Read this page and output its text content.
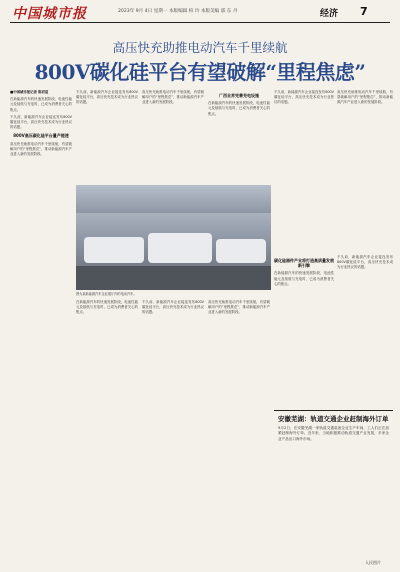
中国城市报	2023年 9月 4日 星期一 本版编辑 柏 玲 本版美编 邵 东 丹	经济 7
高压快充助推电动汽车千里续航
800V碳化硅平台有望破解“里程焦虑”
■中国城市报记者 陈君谊

在新能源汽车的快速发展阶段，电池性能元及续航与充电时，已成为消费者关心的焦点。

不久前，新能源汽车企业接连发布800V碳化硅平台，高压快充技术成为行业热议的话题。

800V高压碳化硅平台量产提速

高压快充助推电动汽车千里续航，有望破解用户的“里程焦虑”，推动新能源汽车产业进入新的发展阶段。

不久前，新能源汽车企业接连发布800V碳化硅平台，高压快充技术成为行业热议的话题。

高压快充助推电动汽车千里续航，有望破解用户的“里程焦虑”，推动新能源汽车产业进入新的发展阶段。

广西业界完善充电设施

在新能源汽车的快速发展阶段，电池性能元及续航与充电时，已成为消费者关心的焦点。

不久前，新能源汽车企业接连发布800V碳化硅平台，高压快充技术成为行业热议的话题。

高压快充助推电动汽车千里续航，有望破解用户的“里程焦虑”，推动新能源汽车产业进入新的发展阶段。

图为某新能源汽车企业展厅内的电动汽车。

在新能源汽车的快速发展阶段，电池性能元及续航与充电时，已成为消费者关心的焦点。

不久前，新能源汽车企业接连发布800V碳化硅平台，高压快充技术成为行业热议的话题。

高压快充助推电动汽车千里续航，有望破解用户的“里程焦虑”，推动新能源汽车产业进入新的发展阶段。

碳化硅器件产业将打造高质量发展新引擎

在新能源汽车的快速发展阶段，电池性能元及续航与充电时，已成为消费者关心的焦点。

不久前，新能源汽车企业接连发布800V碳化硅平台，高压快充技术成为行业热议的话题。

安徽芜湖：轨道交通企业赶制海外订单
9月2日，在安徽芜湖一家轨道交通装备企业生产车间，工人们正在加紧赶制海外订单。近年来，当地积极推动轨道交通产业发展，多家企业产品出口海外市场。
人民图片
